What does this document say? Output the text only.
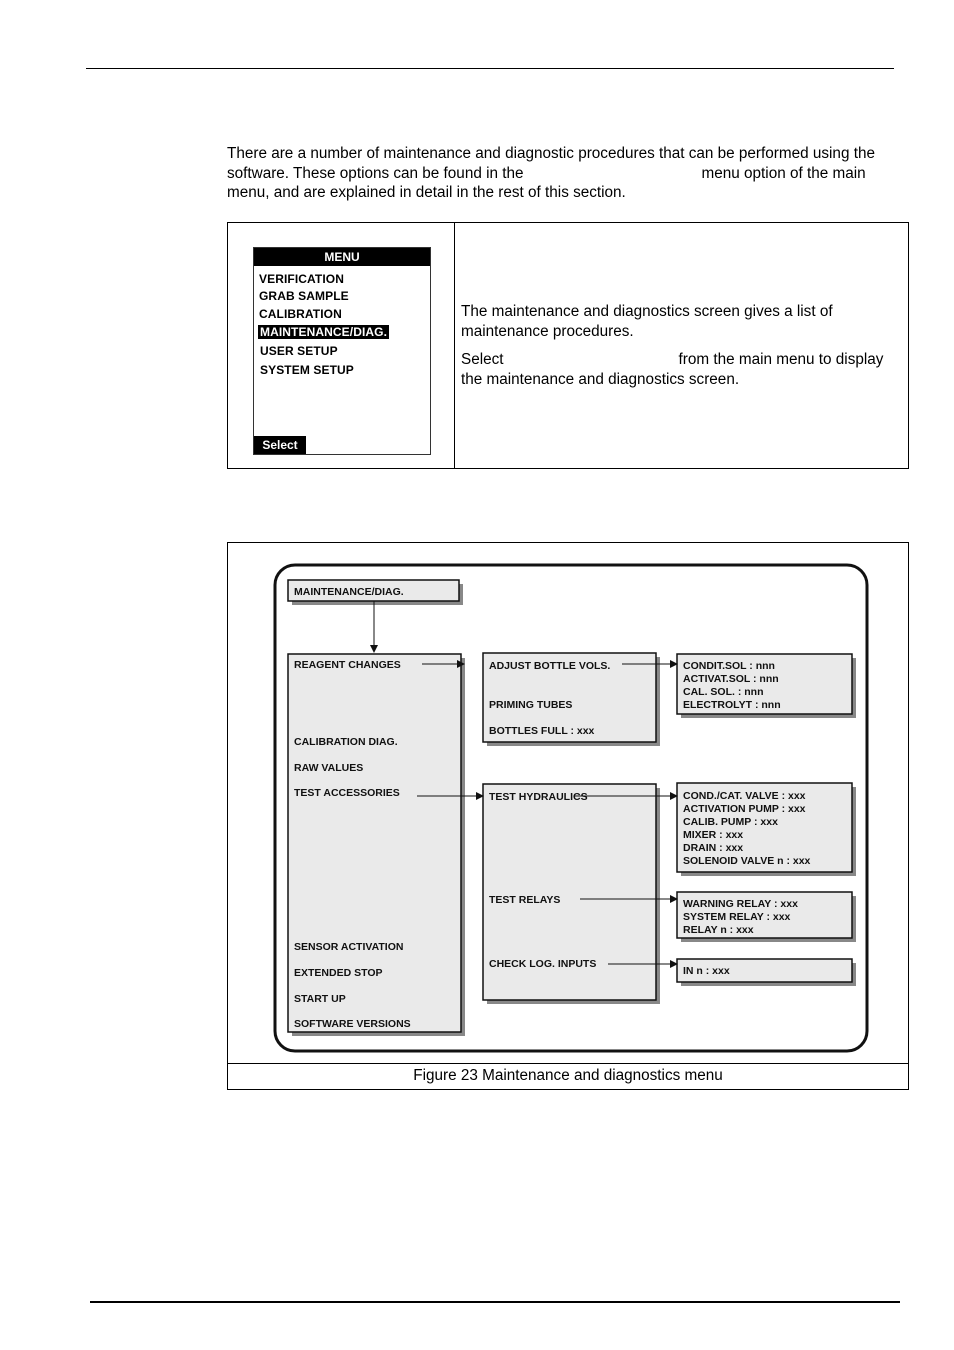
There are a number of maintenance and diagnostic procedures that can be performed using the
software. These options can be found in the	menu option of the main
menu, and are explained in detail in the rest of this section.
MENU
VERIFICATION
GRAB SAMPLE
CALIBRATION
MAINTENANCE/DIAG.
USER SETUP
SYSTEM SETUP
Select
The maintenance and diagnostics screen gives a list of maintenance procedures.
Select	from the main menu to display the maintenance and diagnostics screen.
MAINTENANCE/DIAG.
REAGENT CHANGES
CALIBRATION DIAG.
RAW VALUES
TEST ACCESSORIES
SENSOR ACTIVATION
EXTENDED STOP
START UP
SOFTWARE VERSIONS
ADJUST BOTTLE VOLS.
PRIMING TUBES
BOTTLES FULL : xxx
CONDIT.SOL : nnn
ACTIVAT.SOL : nnn
CAL. SOL. : nnn
ELECTROLYT : nnn
TEST HYDRAULICS
TEST RELAYS
CHECK LOG. INPUTS
COND./CAT. VALVE : xxx
ACTIVATION PUMP : xxx
CALIB. PUMP : xxx
MIXER : xxx
DRAIN : xxx
SOLENOID VALVE n : xxx
WARNING RELAY : xxx
SYSTEM RELAY : xxx
RELAY n : xxx
IN n : xxx
Figure 23 Maintenance and diagnostics menu
